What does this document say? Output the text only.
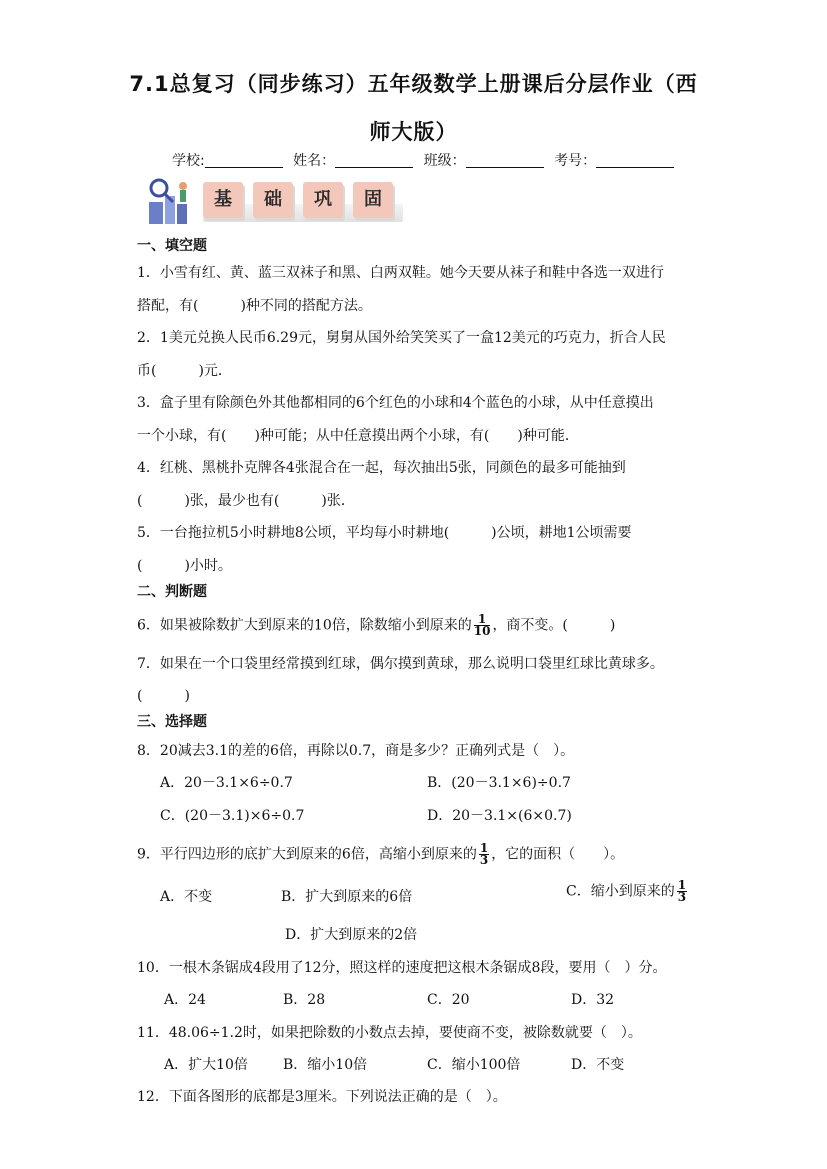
7.1总复习（同步练习）五年级数学上册课后分层作业（西
师大版）
学校:	姓名：	班级：	考号：
基	础	巩	固
一、填空题
1．小雪有红、黄、蓝三双袜子和黑、白两双鞋。她今天要从袜子和鞋中各选一双进行
搭配，有(　　　)种不同的搭配方法。
2．1美元兑换人民币6.29元，舅舅从国外给笑笑买了一盒12美元的巧克力，折合人民
币(　　　)元．
3．盒子里有除颜色外其他都相同的6个红色的小球和4个蓝色的小球，从中任意摸出
一个小球，有(　　)种可能；从中任意摸出两个小球，有(　　)种可能．
4．红桃、黑桃扑克牌各4张混合在一起，每次抽出5张，同颜色的最多可能抽到
(　　　)张，最少也有(　　　)张．
5．一台拖拉机5小时耕地8公顷，平均每小时耕地(　　　)公顷，耕地1公顷需要
(　　　)小时。
二、判断题
6．如果被除数扩大到原来的10倍，除数缩小到原来的 $\frac{1}{10}$ ，商不变。(　　　)
7．如果在一个口袋里经常摸到红球，偶尔摸到黄球，那么说明口袋里红球比黄球多。
(　　　)
三、选择题
8．20减去3.1的差的6倍，再除以0.7，商是多少？正确列式是（　）。
A．20－3.1×6÷0.7	B．(20－3.1×6)÷0.7
C．(20－3.1)×6÷0.7	D．20－3.1×(6×0.7)
9．平行四边形的底扩大到原来的6倍，高缩小到原来的 $\frac{1}{3}$ ，它的面积（　　）。
A．不变	B．扩大到原来的6倍	C．缩小到原来的 $\frac{1}{3}$
D．扩大到原来的2倍
10．一根木条锯成4段用了12分，照这样的速度把这根木条锯成8段，要用（　）分。
A．24	B．28	C．20	D．32
11．48.06÷1.2时，如果把除数的小数点去掉，要使商不变，被除数就要（　）。
A．扩大10倍	B．缩小10倍	C．缩小100倍	D．不变
12．下面各图形的底都是3厘米。下列说法正确的是（　）。
